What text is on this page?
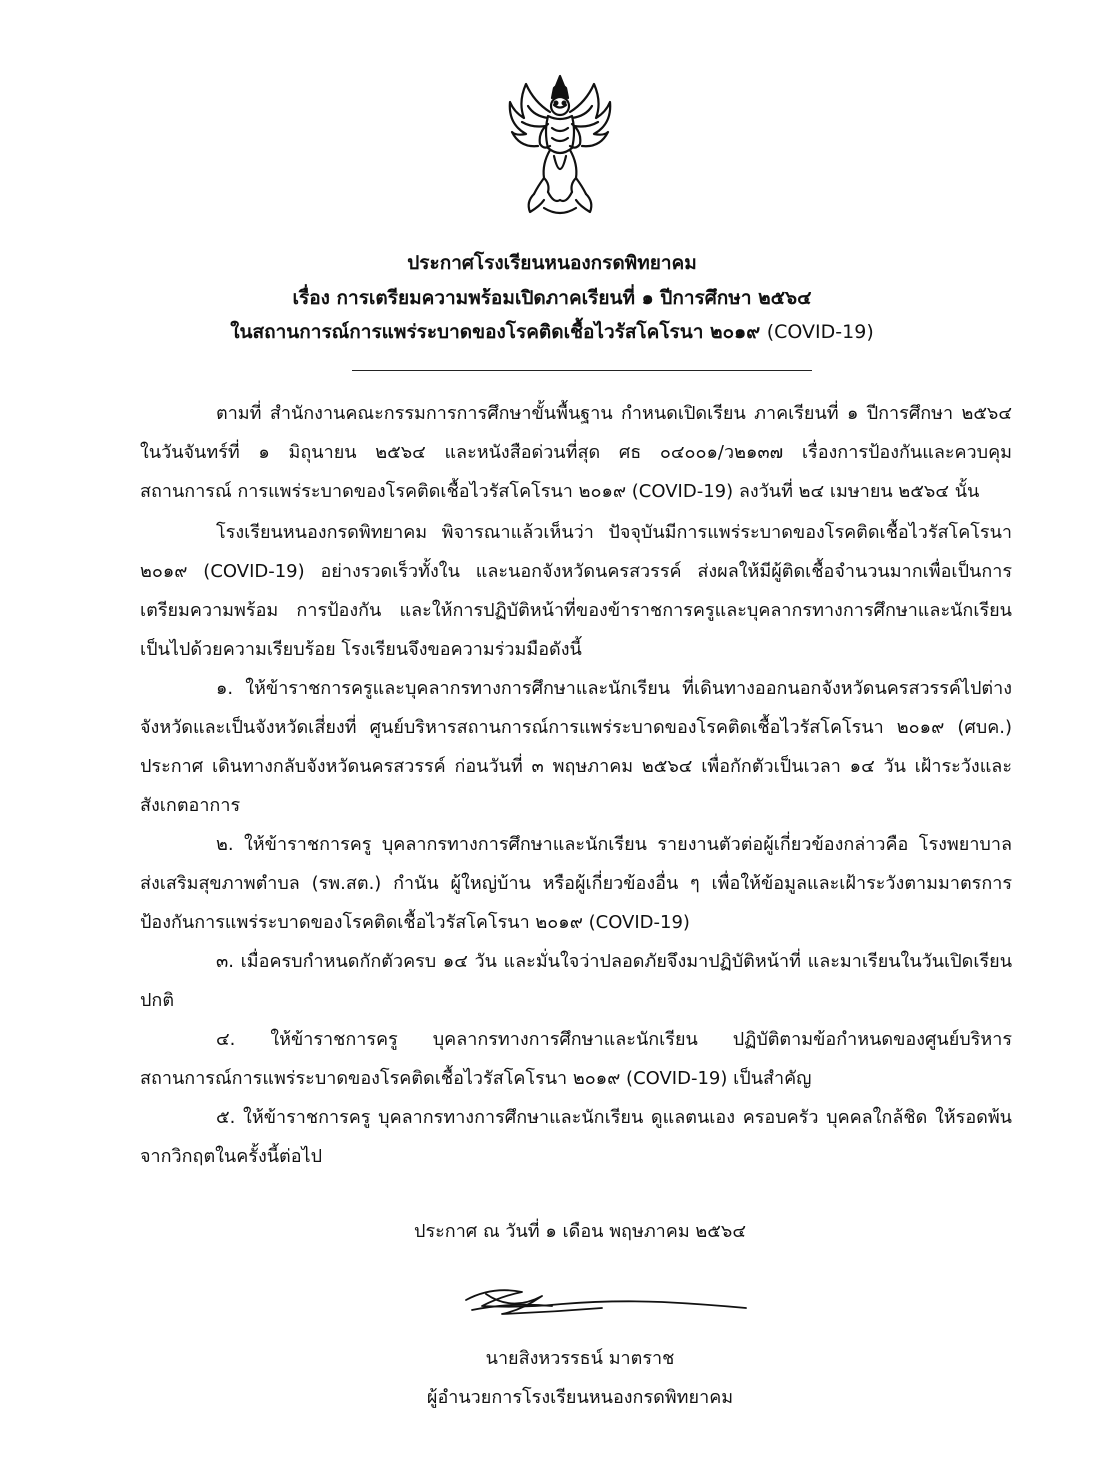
ประกาศโรงเรียนหนองกรดพิทยาคม
เรื่อง การเตรียมความพร้อมเปิดภาคเรียนที่ ๑ ปีการศึกษา ๒๕๖๔
ในสถานการณ์การแพร่ระบาดของโรคติดเชื้อไวรัสโคโรนา ๒๐๑๙ (COVID-19)

ตามที่ สำนักงานคณะกรรมการการศึกษาขั้นพื้นฐาน กำหนดเปิดเรียน ภาคเรียนที่ ๑ ปีการศึกษา ๒๕๖๔ ในวันจันทร์ที่ ๑ มิถุนายน ๒๕๖๔ และหนังสือด่วนที่สุด ศธ ๐๔๐๐๑/ว๒๑๓๗ เรื่องการป้องกันและควบคุมสถานการณ์ การแพร่ระบาดของโรคติดเชื้อไวรัสโคโรนา ๒๐๑๙ (COVID-19) ลงวันที่ ๒๔ เมษายน ๒๕๖๔ นั้น

โรงเรียนหนองกรดพิทยาคม พิจารณาแล้วเห็นว่า ปัจจุบันมีการแพร่ระบาดของโรคติดเชื้อไวรัสโคโรนา ๒๐๑๙ (COVID-19) อย่างรวดเร็วทั้งใน และนอกจังหวัดนครสวรรค์ ส่งผลให้มีผู้ติดเชื้อจำนวนมากเพื่อเป็นการเตรียมความพร้อม การป้องกัน และให้การปฏิบัติหน้าที่ของข้าราชการครูและบุคลากรทางการศึกษาและนักเรียนเป็นไปด้วยความเรียบร้อย โรงเรียนจึงขอความร่วมมือดังนี้

๑. ให้ข้าราชการครูและบุคลากรทางการศึกษาและนักเรียน ที่เดินทางออกนอกจังหวัดนครสวรรค์ไปต่างจังหวัดและเป็นจังหวัดเสี่ยงที่ ศูนย์บริหารสถานการณ์การแพร่ระบาดของโรคติดเชื้อไวรัสโคโรนา ๒๐๑๙ (ศบค.) ประกาศ เดินทางกลับจังหวัดนครสวรรค์ ก่อนวันที่ ๓ พฤษภาคม ๒๕๖๔ เพื่อกักตัวเป็นเวลา ๑๔ วัน เฝ้าระวังและสังเกตอาการ

๒. ให้ข้าราชการครู บุคลากรทางการศึกษาและนักเรียน รายงานตัวต่อผู้เกี่ยวข้องกล่าวคือ โรงพยาบาลส่งเสริมสุขภาพตำบล (รพ.สต.) กำนัน ผู้ใหญ่บ้าน หรือผู้เกี่ยวข้องอื่น ๆ เพื่อให้ข้อมูลและเฝ้าระวังตามมาตรการป้องกันการแพร่ระบาดของโรคติดเชื้อไวรัสโคโรนา ๒๐๑๙ (COVID-19)

๓. เมื่อครบกำหนดกักตัวครบ ๑๔ วัน และมั่นใจว่าปลอดภัยจึงมาปฏิบัติหน้าที่ และมาเรียนในวันเปิดเรียนปกติ

๔. ให้ข้าราชการครู บุคลากรทางการศึกษาและนักเรียน ปฏิบัติตามข้อกำหนดของศูนย์บริหารสถานการณ์การแพร่ระบาดของโรคติดเชื้อไวรัสโคโรนา ๒๐๑๙ (COVID-19) เป็นสำคัญ

๕. ให้ข้าราชการครู บุคลากรทางการศึกษาและนักเรียน ดูแลตนเอง ครอบครัว บุคคลใกล้ชิด ให้รอดพ้นจากวิกฤตในครั้งนี้ต่อไป

ประกาศ ณ วันที่ ๑ เดือน พฤษภาคม ๒๕๖๔
นายสิงหวรรธน์ มาตราช
ผู้อำนวยการโรงเรียนหนองกรดพิทยาคม
